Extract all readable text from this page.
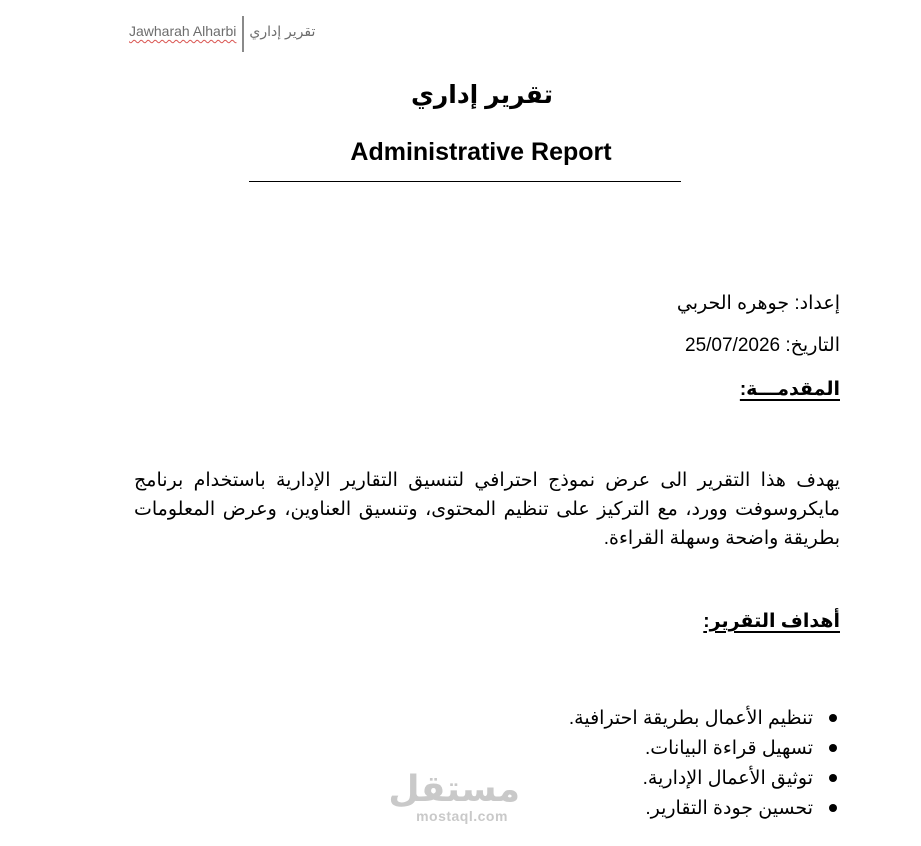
Jawharah Alharbi تقرير إداري
تقرير إداري
Administrative Report
إعداد: جوهره الحربي
التاريخ: 25/07/2026
المقدمـــة:

يهدف هذا التقرير الى عرض نموذج احترافي لتنسيق التقارير الإدارية باستخدام برنامج مايكروسوفت وورد، مع التركيز على تنظيم المحتوى، وتنسيق العناوين، وعرض المعلومات بطريقة واضحة وسهلة القراءة.

أهداف التقرير:
تنظيم الأعمال بطريقة احترافية.
تسهيل قراءة البيانات.
توثيق الأعمال الإدارية.
تحسين جودة التقارير.
مستقل
mostaql.com
